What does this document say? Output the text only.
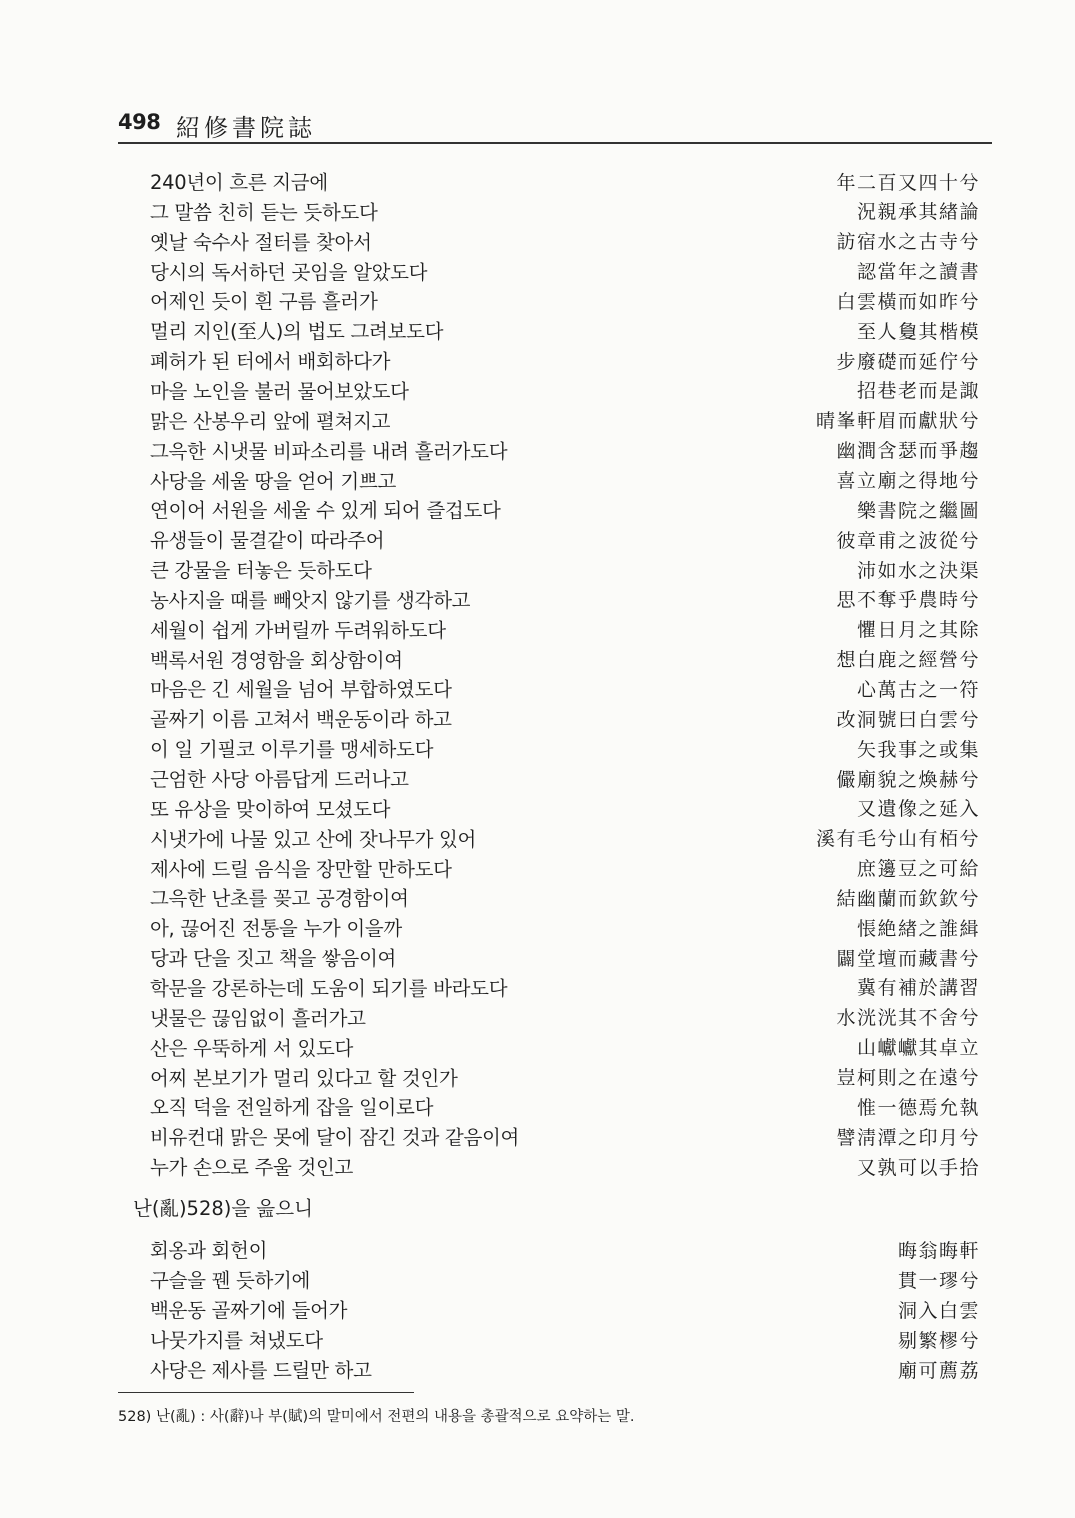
498 紹修書院誌
240년이 흐른 지금에	年二百又四十兮
그 말씀 친히 듣는 듯하도다	況親承其緖論
옛날 숙수사 절터를 찾아서	訪宿水之古寺兮
당시의 독서하던 곳임을 알았도다	認當年之讀書
어제인 듯이 흰 구름 흘러가	白雲橫而如昨兮
멀리 지인(至人)의 법도 그려보도다	至人敻其楷模
폐허가 된 터에서 배회하다가	步廢礎而延佇兮
마을 노인을 불러 물어보았도다	招巷老而是諏
맑은 산봉우리 앞에 펼쳐지고	晴峯軒眉而獻狀兮
그윽한 시냇물 비파소리를 내려 흘러가도다	幽澗含瑟而爭趨
사당을 세울 땅을 얻어 기쁘고	喜立廟之得地兮
연이어 서원을 세울 수 있게 되어 즐겁도다	樂書院之繼圖
유생들이 물결같이 따라주어	彼章甫之波從兮
큰 강물을 터놓은 듯하도다	沛如水之決渠
농사지을 때를 빼앗지 않기를 생각하고	思不奪乎農時兮
세월이 쉽게 가버릴까 두려워하도다	懼日月之其除
백록서원 경영함을 회상함이여	想白鹿之經營兮
마음은 긴 세월을 넘어 부합하였도다	心萬古之一符
골짜기 이름 고쳐서 백운동이라 하고	改洞號曰白雲兮
이 일 기필코 이루기를 맹세하도다	矢我事之或集
근엄한 사당 아름답게 드러나고	儼廟貌之煥赫兮
또 유상을 맞이하여 모셨도다	又遺像之延入
시냇가에 나물 있고 산에 잣나무가 있어	溪有毛兮山有栢兮
제사에 드릴 음식을 장만할 만하도다	庶籩豆之可給
그윽한 난초를 꽂고 공경함이여	結幽蘭而欽欽兮
아, 끊어진 전통을 누가 이을까	悵絶緖之誰緝
당과 단을 짓고 책을 쌓음이여	闢堂壇而藏書兮
학문을 강론하는데 도움이 되기를 바라도다	冀有補於講習
냇물은 끊임없이 흘러가고	水洸洸其不舍兮
산은 우뚝하게 서 있도다	山巘巘其卓立
어찌 본보기가 멀리 있다고 할 것인가	豈柯則之在遠兮
오직 덕을 전일하게 잡을 일이로다	惟一德焉允執
비유컨대 맑은 못에 달이 잠긴 것과 같음이여	譬淸潭之印月兮
누가 손으로 주울 것인고	又孰可以手拾
난(亂)528)을 읊으니
회옹과 회헌이	晦翁晦軒
구슬을 꿴 듯하기에	貫一璆兮
백운동 골짜기에 들어가	洞入白雲
나뭇가지를 쳐냈도다	剔繁樛兮
사당은 제사를 드릴만 하고	廟可薦荔
528) 난(亂) : 사(辭)나 부(賦)의 말미에서 전편의 내용을 총괄적으로 요약하는 말.
